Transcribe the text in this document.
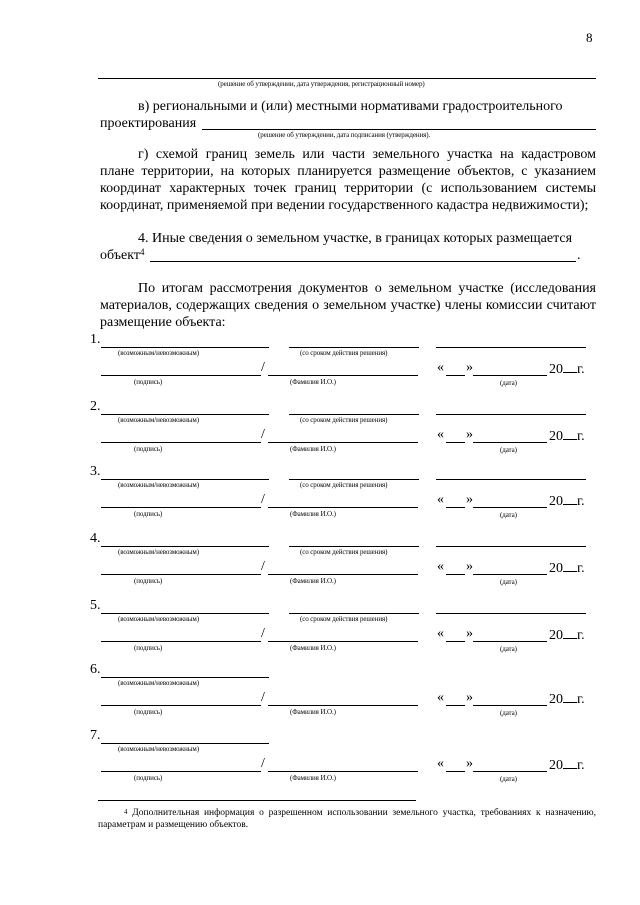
8
(решение об утверждении, дата утверждения, регистрационный номер)
в) региональными и (или) местными нормативами градостроительного
проектирования
(решение об утверждении, дата подписания (утверждения).
г) схемой границ земель или части земельного участка на кадастровом плане территории, на которых планируется размещение объектов, с указанием координат характерных точек границ территории (с использованием системы координат, применяемой при ведении государственного кадастра недвижимости);
4. Иные сведения о земельном участке, в границах которых размещается
объект$^4$	.
По итогам рассмотрения документов о земельном участке (исследования материалов, содержащих сведения о земельном участке) члены комиссии считают размещение объекта:
1.
(возможным/невозможным)	(со сроком действия решения)
/
(подпись)	(Фамилия И.О.)
« »	20 г.
(дата)
2.
(возможным/невозможным)	(со сроком действия решения)
/
(подпись)	(Фамилия И.О.)
« »	20 г.
(дата)
3.
(возможным/невозможным)	(со сроком действия решения)
/
(подпись)	(Фамилия И.О.)
« »	20 г.
(дата)
4.
(возможным/невозможным)	(со сроком действия решения)
/
(подпись)	(Фамилия И.О.)
« »	20 г.
(дата)
5.
(возможным/невозможным)	(со сроком действия решения)
/
(подпись)	(Фамилия И.О.)
« »	20 г.
(дата)
6.
(возможным/невозможным)
/
(подпись)	(Фамилия И.О.)
« »	20 г.
(дата)
7.
(возможным/невозможным)
/
(подпись)	(Фамилия И.О.)
« »	20 г.
(дата)
$^4$ Дополнительная информация о разрешенном использовании земельного участка, требованиях к назначению, параметрам и размещению объектов.
